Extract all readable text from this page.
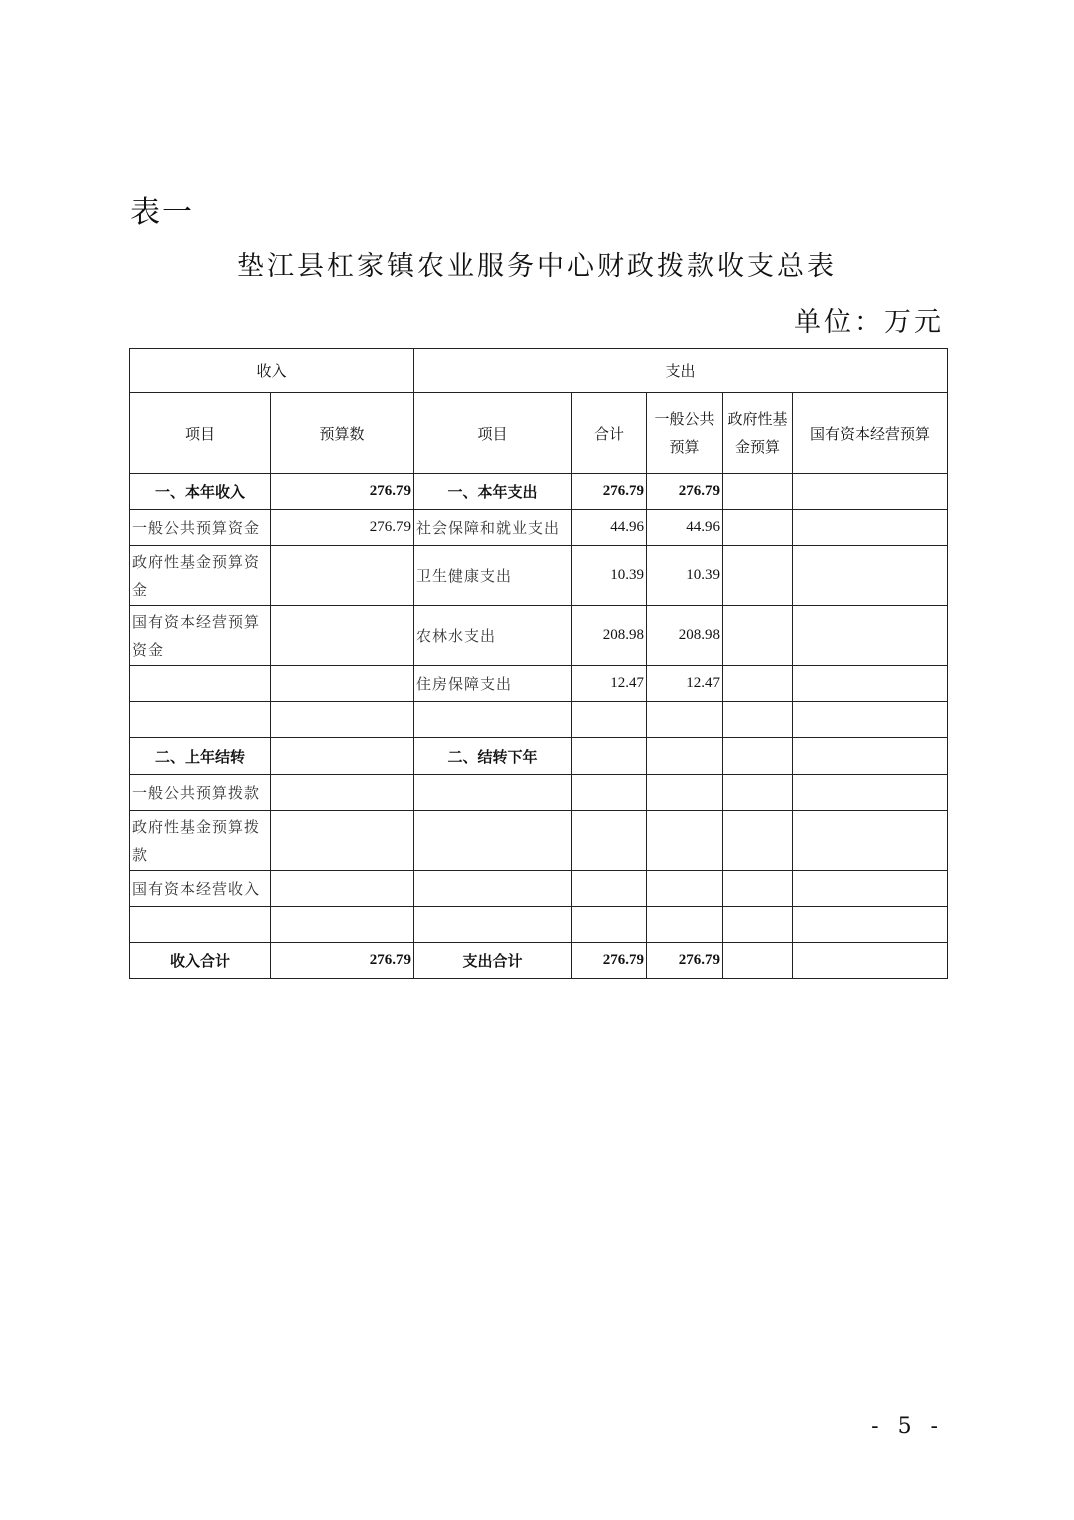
表一
垫江县杠家镇农业服务中心财政拨款收支总表
单位：万元
收入		支出				
项目	预算数	项目	合计	一般公共预算	政府性基金预算	国有资本经营预算
一、本年收入	276.79	一、本年支出	276.79	276.79		
一般公共预算资金	276.79	社会保障和就业支出	44.96	44.96		
政府性基金预算资金		卫生健康支出	10.39	10.39		
国有资本经营预算资金		农林水支出	208.98	208.98		
		住房保障支出	12.47	12.47		

二、上年结转		二、结转下年				
一般公共预算拨款						
政府性基金预算拨款						
国有资本经营收入						

收入合计	276.79	支出合计	276.79	276.79		
- 5 -
